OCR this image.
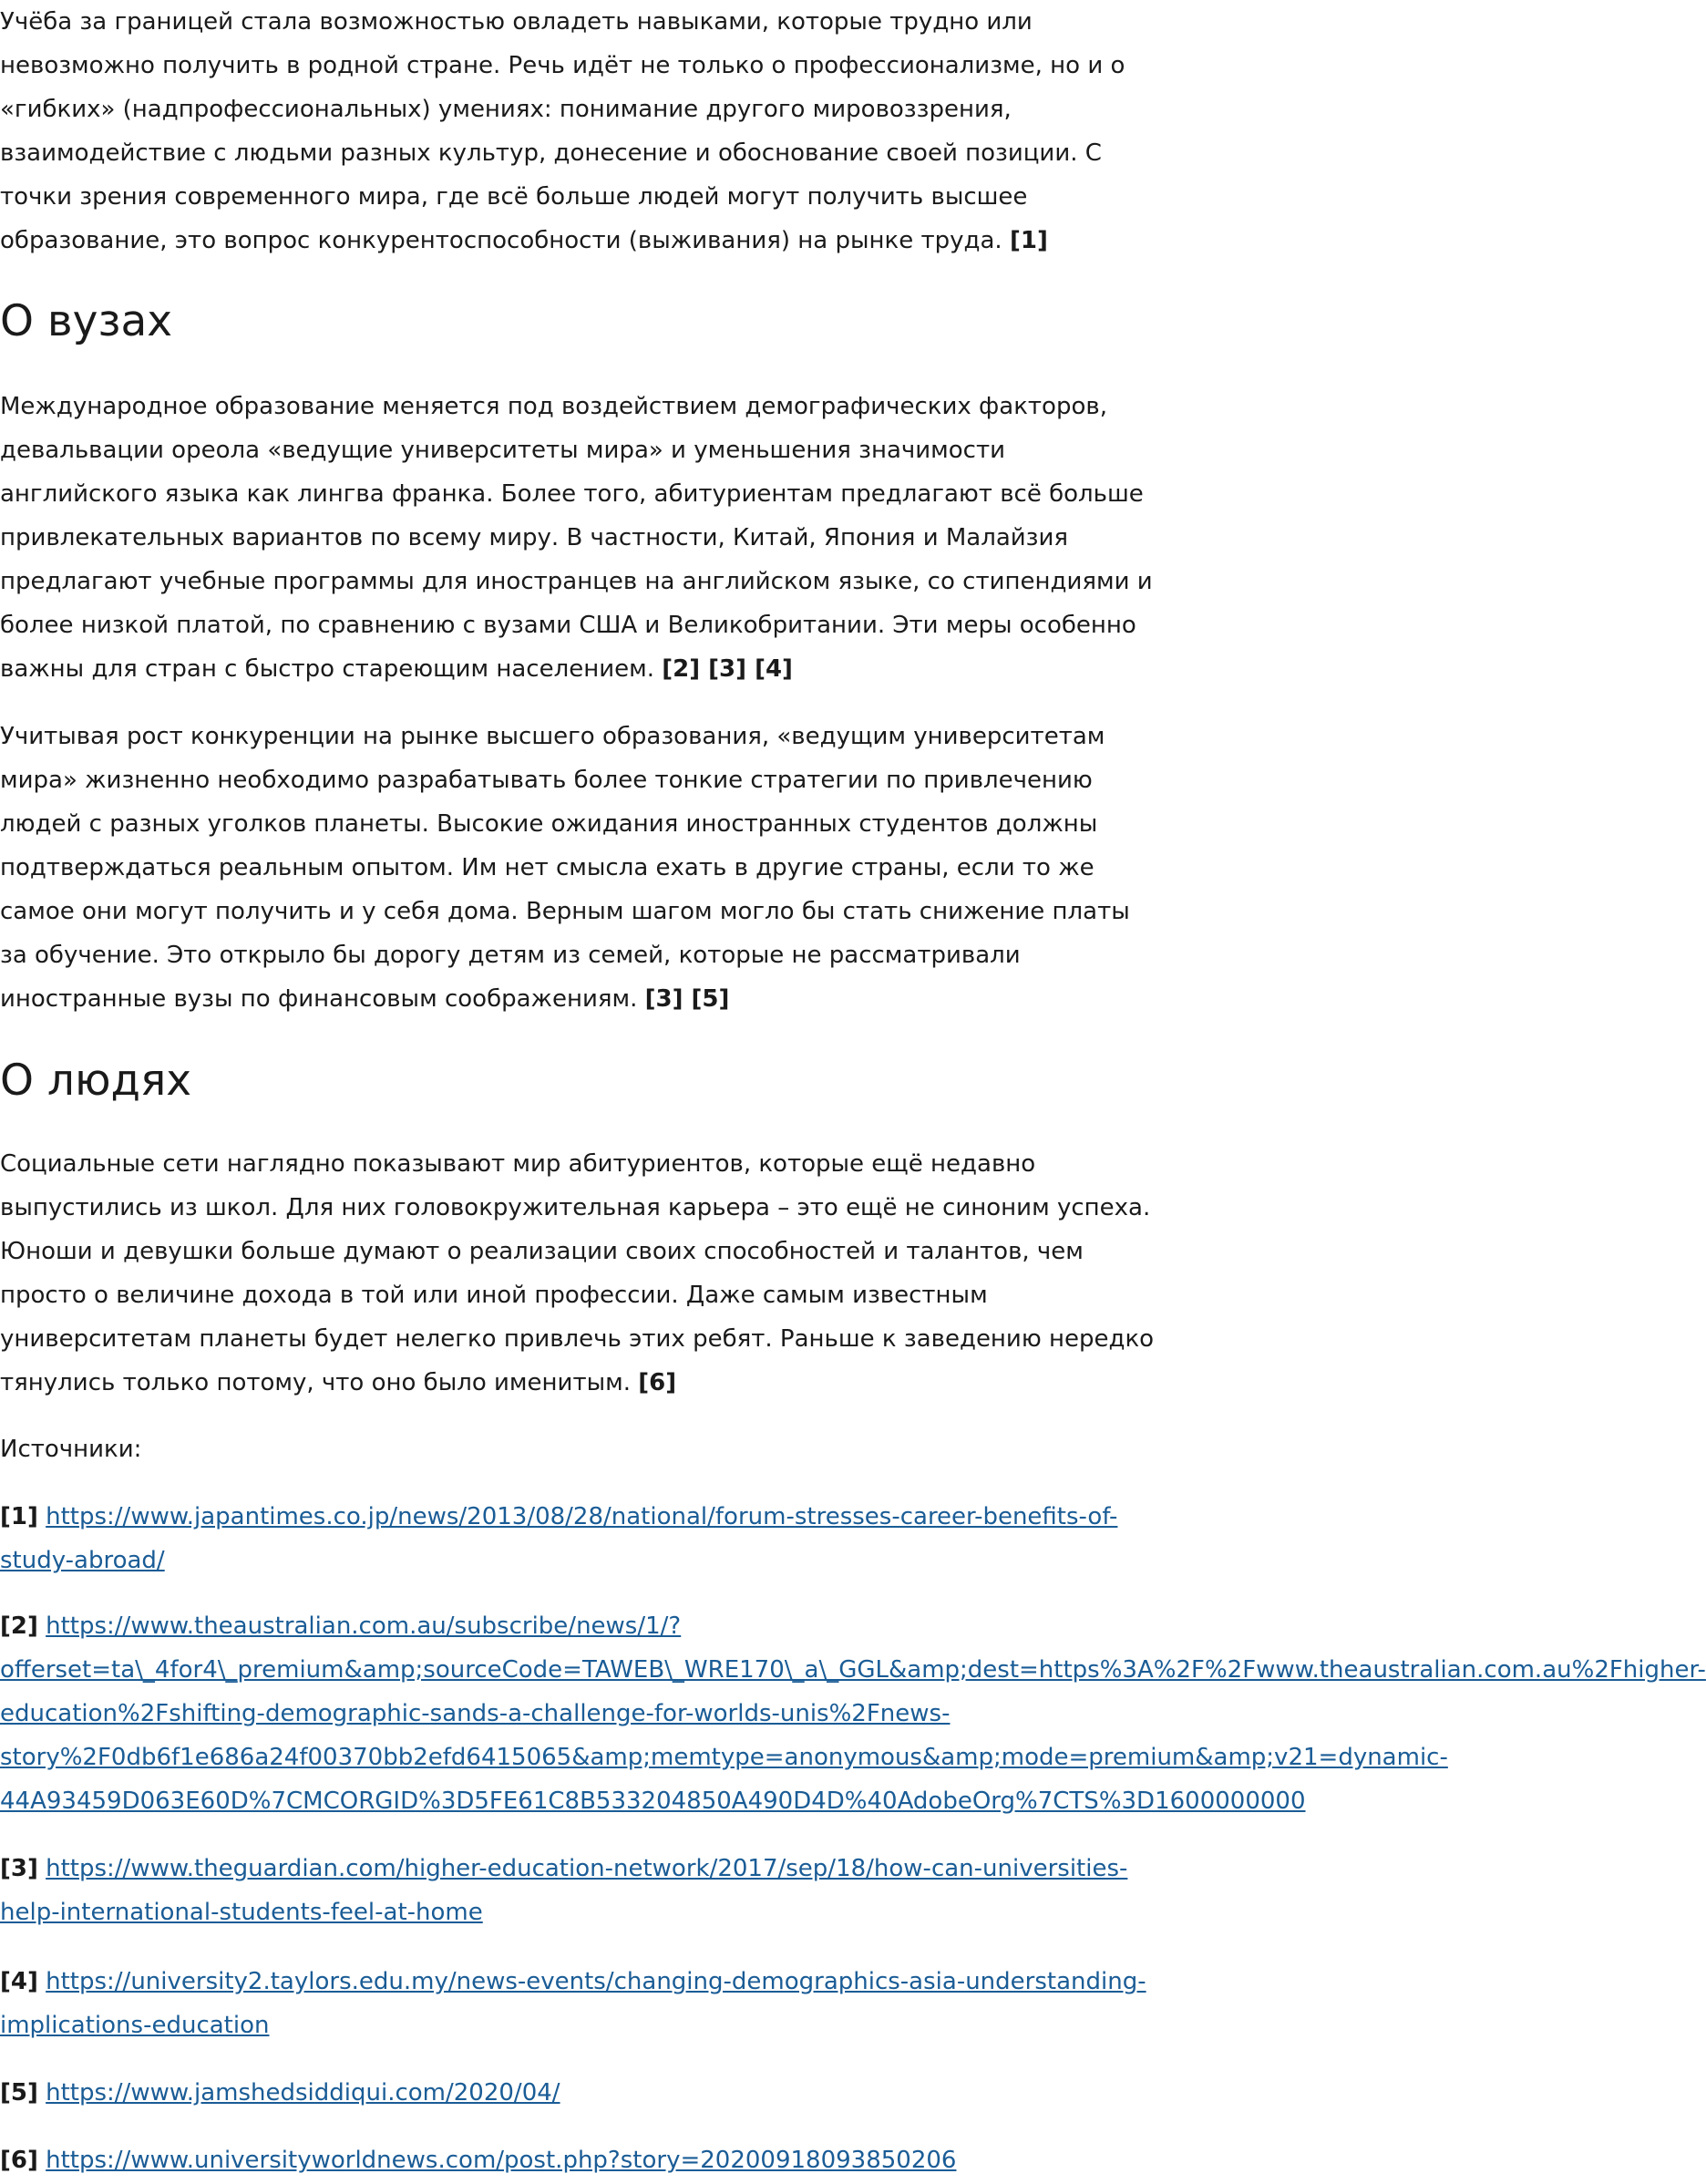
Учёба за границей стала возможностью овладеть навыками, которые трудно или
невозможно получить в родной стране. Речь идёт не только о профессионализме, но и о
«гибких» (надпрофессиональных) умениях: понимание другого мировоззрения,
взаимодействие с людьми разных культур, донесение и обоснование своей позиции. С
точки зрения современного мира, где всё больше людей могут получить высшее
образование, это вопрос конкурентоспособности (выживания) на рынке труда. [1]

О вузах

Международное образование меняется под воздействием демографических факторов,
девальвации ореола «ведущие университеты мира» и уменьшения значимости
английского языка как лингва франка. Более того, абитуриентам предлагают всё больше
привлекательных вариантов по всему миру. В частности, Китай, Япония и Малайзия
предлагают учебные программы для иностранцев на английском языке, со стипендиями и
более низкой платой, по сравнению с вузами США и Великобритании. Эти меры особенно
важны для стран с быстро стареющим населением. [2] [3] [4]

Учитывая рост конкуренции на рынке высшего образования, «ведущим университетам
мира» жизненно необходимо разрабатывать более тонкие стратегии по привлечению
людей с разных уголков планеты. Высокие ожидания иностранных студентов должны
подтверждаться реальным опытом. Им нет смысла ехать в другие страны, если то же
самое они могут получить и у себя дома. Верным шагом могло бы стать снижение платы
за обучение. Это открыло бы дорогу детям из семей, которые не рассматривали
иностранные вузы по финансовым соображениям. [3] [5]

О людях

Социальные сети наглядно показывают мир абитуриентов, которые ещё недавно
выпустились из школ. Для них головокружительная карьера – это ещё не синоним успеха.
Юноши и девушки больше думают о реализации своих способностей и талантов, чем
просто о величине дохода в той или иной профессии. Даже самым известным
университетам планеты будет нелегко привлечь этих ребят. Раньше к заведению нередко
тянулись только потому, что оно было именитым. [6]

Источники:

[1] https://www.japantimes.co.jp/news/2013/08/28/national/forum-stresses-career-benefits-of-
study-abroad/

[2] https://www.theaustralian.com.au/subscribe/news/1/?
offerset=ta\_4for4\_premium&amp;sourceCode=TAWEB\_WRE170\_a\_GGL&amp;dest=https%3A%2F%2Fwww.theaustralian.com.au%2Fhigher-
education%2Fshifting-demographic-sands-a-challenge-for-worlds-unis%2Fnews-
story%2F0db6f1e686a24f00370bb2efd6415065&amp;memtype=anonymous&amp;mode=premium&amp;v21=dynamic-
44A93459D063E60D%7CMCORGID%3D5FE61C8B533204850A490D4D%40AdobeOrg%7CTS%3D1600000000

[3] https://www.theguardian.com/higher-education-network/2017/sep/18/how-can-universities-
help-international-students-feel-at-home

[4] https://university2.taylors.edu.my/news-events/changing-demographics-asia-understanding-
implications-education

[5] https://www.jamshedsiddiqui.com/2020/04/

[6] https://www.universityworldnews.com/post.php?story=20200918093850206
